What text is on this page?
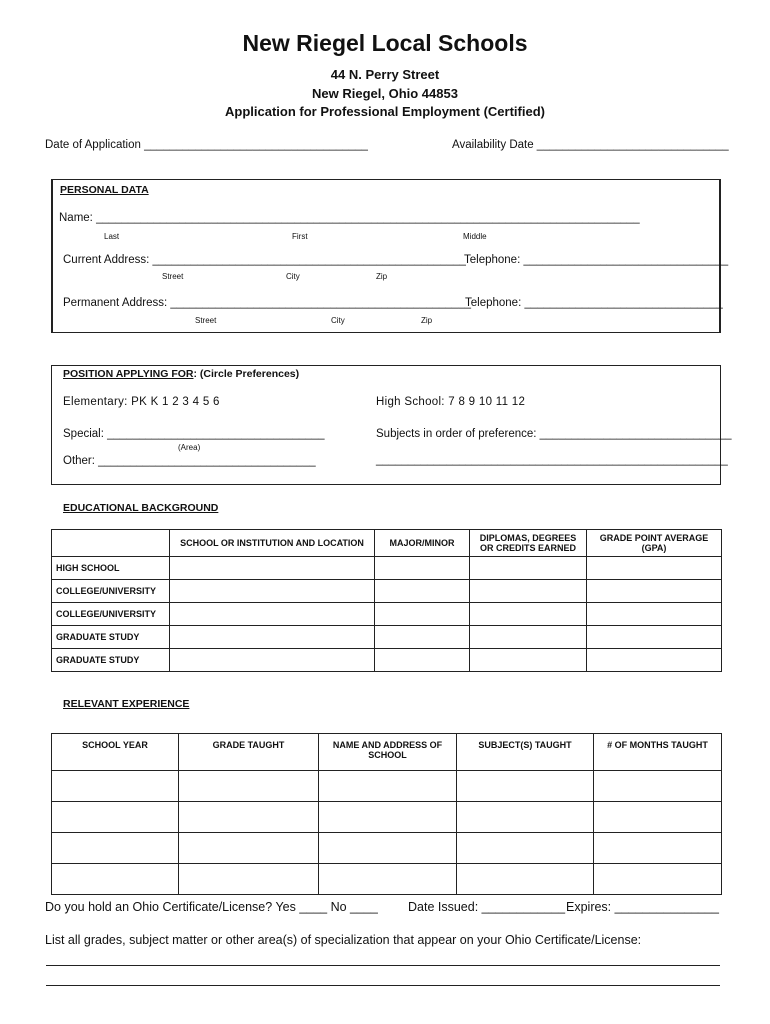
New Riegel Local Schools
44 N. Perry Street
New Riegel, Ohio 44853
Application for Professional Employment (Certified)
Date of Application ___________________________________	Availability Date ______________________________
PERSONAL DATA
Name: _____________________________________________________________________________________
Last	First	Middle
Current Address: _________________________________________________
Telephone: ________________________________
Street	City	Zip
Permanent Address: _______________________________________________
Telephone: _______________________________
Street	City	Zip
POSITION APPLYING FOR: (Circle Preferences)
Elementary: PK K 1 2 3 4 5 6	High School: 7 8 9 10 11 12
Special: __________________________________
(Area)
Subjects in order of preference: ______________________________
Other: __________________________________	_______________________________________________________
EDUCATIONAL BACKGROUND
	SCHOOL OR INSTITUTION AND LOCATION	MAJOR/MINOR	DIPLOMAS, DEGREES OR CREDITS EARNED	GRADE POINT AVERAGE (GPA)
HIGH SCHOOL				
COLLEGE/UNIVERSITY				
COLLEGE/UNIVERSITY				
GRADUATE STUDY				
GRADUATE STUDY				
RELEVANT EXPERIENCE
SCHOOL YEAR	GRADE TAUGHT	NAME AND ADDRESS OF SCHOOL	SUBJECT(S) TAUGHT	# OF MONTHS TAUGHT

Do you hold an Ohio Certificate/License? Yes ____ No ____ Date Issued: ____________ Expires: _______________
List all grades, subject matter or other area(s) of specialization that appear on your Ohio Certificate/License:
